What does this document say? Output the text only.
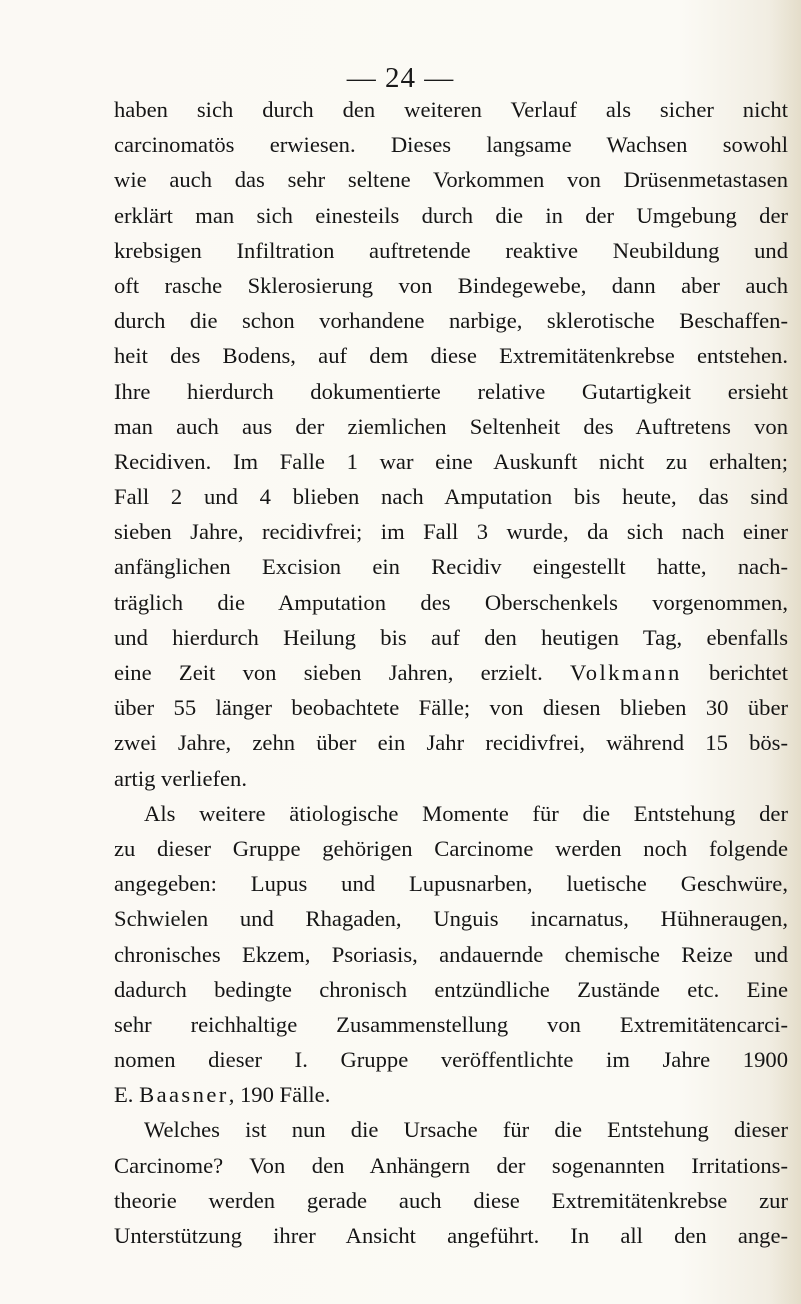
— 24 —
haben sich durch den weiteren Verlauf als sicher nicht
carcinomatös erwiesen. Dieses langsame Wachsen sowohl
wie auch das sehr seltene Vorkommen von Drüsenmetastasen
erklärt man sich einesteils durch die in der Umgebung der
krebsigen Infiltration auftretende reaktive Neubildung und
oft rasche Sklerosierung von Bindegewebe, dann aber auch
durch die schon vorhandene narbige, sklerotische Beschaffen-
heit des Bodens, auf dem diese Extremitätenkrebse entstehen.
Ihre hierdurch dokumentierte relative Gutartigkeit ersieht
man auch aus der ziemlichen Seltenheit des Auftretens von
Recidiven. Im Falle 1 war eine Auskunft nicht zu erhalten;
Fall 2 und 4 blieben nach Amputation bis heute, das sind
sieben Jahre, recidivfrei; im Fall 3 wurde, da sich nach einer
anfänglichen Excision ein Recidiv eingestellt hatte, nach-
träglich die Amputation des Oberschenkels vorgenommen,
und hierdurch Heilung bis auf den heutigen Tag, ebenfalls
eine Zeit von sieben Jahren, erzielt. Volkmann berichtet
über 55 länger beobachtete Fälle; von diesen blieben 30 über
zwei Jahre, zehn über ein Jahr recidivfrei, während 15 bös-
artig verliefen.
Als weitere ätiologische Momente für die Entstehung der
zu dieser Gruppe gehörigen Carcinome werden noch folgende
angegeben: Lupus und Lupusnarben, luetische Geschwüre,
Schwielen und Rhagaden, Unguis incarnatus, Hühneraugen,
chronisches Ekzem, Psoriasis, andauernde chemische Reize und
dadurch bedingte chronisch entzündliche Zustände etc. Eine
sehr reichhaltige Zusammenstellung von Extremitätencarci-
nomen dieser I. Gruppe veröffentlichte im Jahre 1900
E. Baasner, 190 Fälle.
Welches ist nun die Ursache für die Entstehung dieser
Carcinome? Von den Anhängern der sogenannten Irritations-
theorie werden gerade auch diese Extremitätenkrebse zur
Unterstützung ihrer Ansicht angeführt. In all den ange-
